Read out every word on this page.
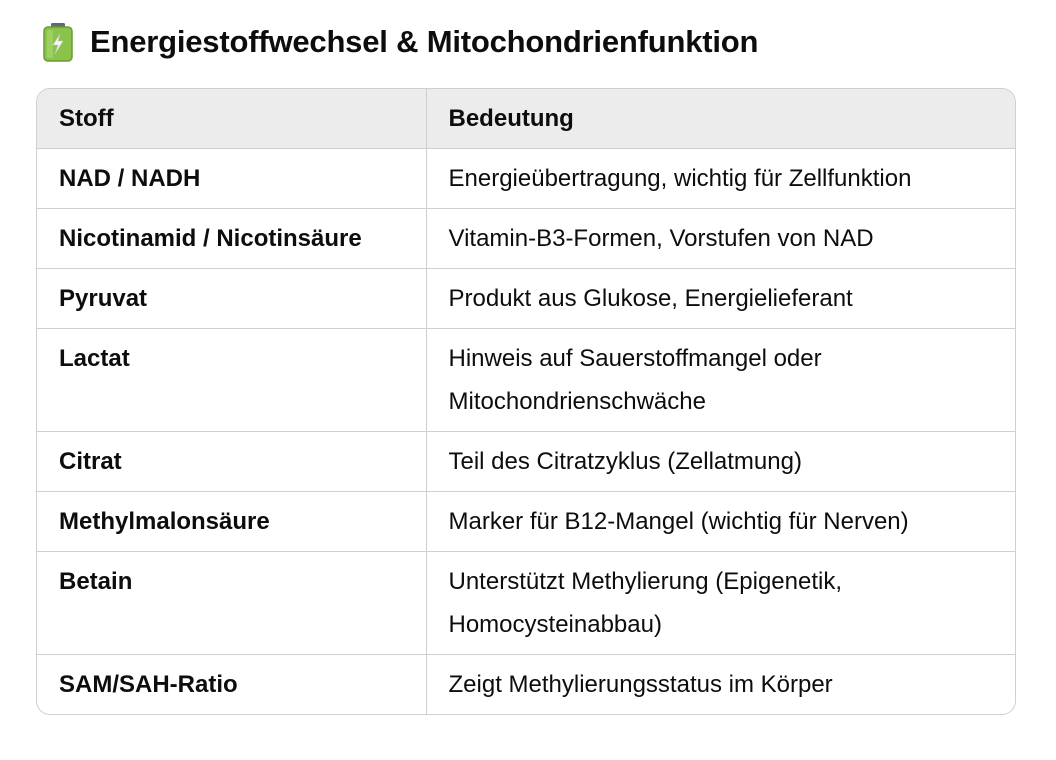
Energiestoffwechsel & Mitochondrienfunktion
Stoff	Bedeutung
NAD / NADH	Energieübertragung, wichtig für Zellfunktion
Nicotinamid / Nicotinsäure	Vitamin-B3-Formen, Vorstufen von NAD
Pyruvat	Produkt aus Glukose, Energielieferant
Lactat	Hinweis auf Sauerstoffmangel oder Mitochondrienschwäche
Citrat	Teil des Citratzyklus (Zellatmung)
Methylmalonsäure	Marker für B12-Mangel (wichtig für Nerven)
Betain	Unterstützt Methylierung (Epigenetik, Homocysteinabbau)
SAM/SAH-Ratio	Zeigt Methylierungsstatus im Körper
